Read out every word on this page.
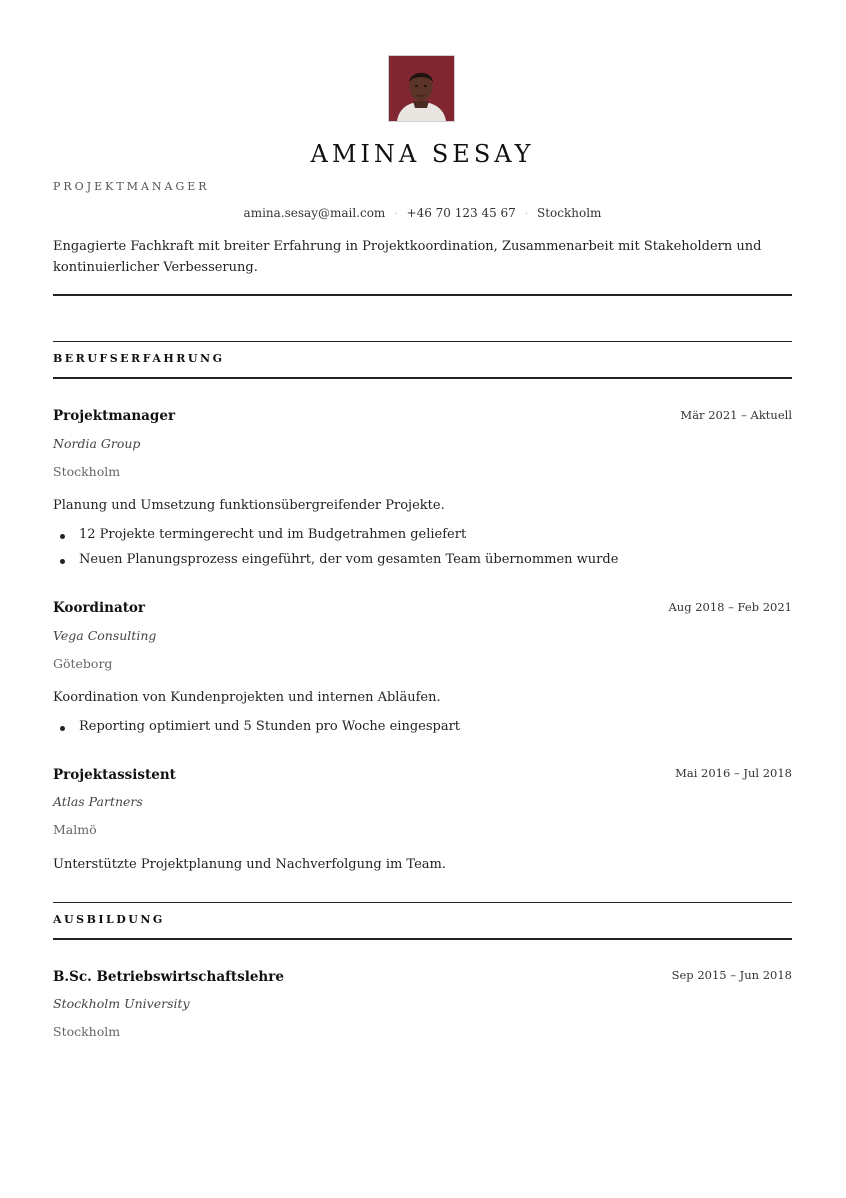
AMINA SESAY
PROJEKTMANAGER
amina.sesay@mail.com · +46 70 123 45 67 · Stockholm
Engagierte Fachkraft mit breiter Erfahrung in Projektkoordination, Zusammenarbeit mit Stakeholdern und kontinuierlicher Verbesserung.
BERUFSERFAHRUNG
Projektmanager	Mär 2021 – Aktuell
Nordia Group
Stockholm
Planung und Umsetzung funktionsübergreifender Projekte.
12 Projekte termingerecht und im Budgetrahmen geliefert
Neuen Planungsprozess eingeführt, der vom gesamten Team übernommen wurde
Koordinator	Aug 2018 – Feb 2021
Vega Consulting
Göteborg
Koordination von Kundenprojekten und internen Abläufen.
Reporting optimiert und 5 Stunden pro Woche eingespart
Projektassistent	Mai 2016 – Jul 2018
Atlas Partners
Malmö
Unterstützte Projektplanung und Nachverfolgung im Team.
AUSBILDUNG
B.Sc. Betriebswirtschaftslehre	Sep 2015 – Jun 2018
Stockholm University
Stockholm
